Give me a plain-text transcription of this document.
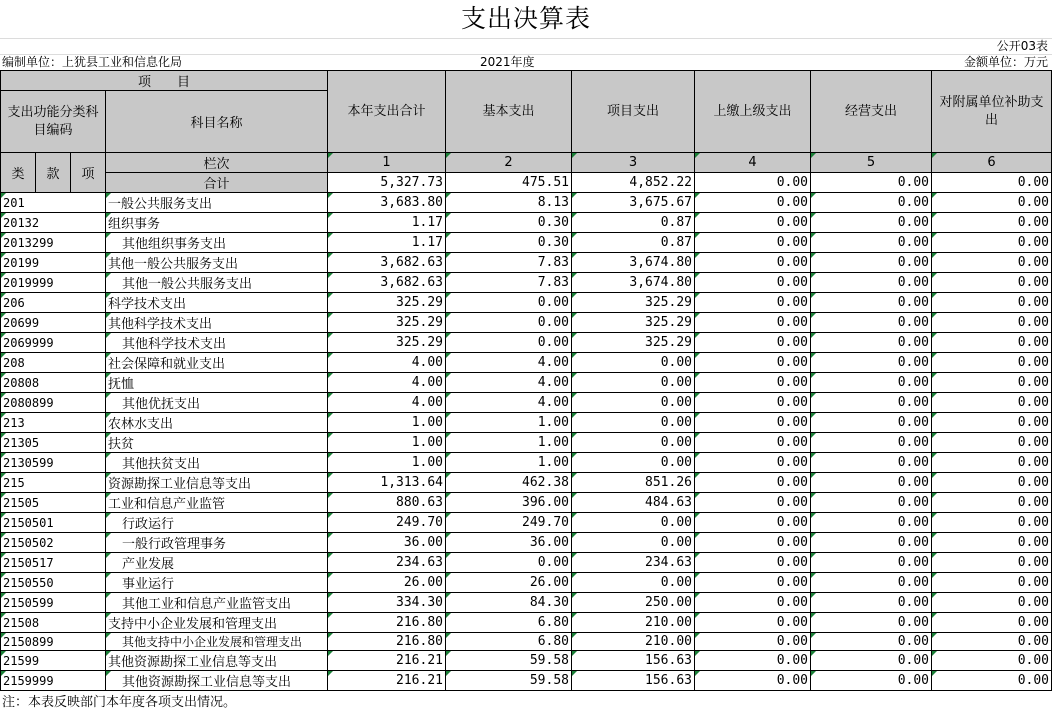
支出决算表
公开03表
编制单位：上犹县工业和信息化局	2021年度	金额单位：万元
项　　目				本年支出合计	基本支出	项目支出	上缴上级支出	经营支出	对附属单位补助支出
支出功能分类科目编码			科目名称						

类	款	项	栏次	1	2	3	4	5	6
			合计	5,327.73	475.51	4,852.22	0.00	0.00	0.00
201			一般公共服务支出	3,683.80	8.13	3,675.67	0.00	0.00	0.00
20132			组织事务	1.17	0.30	0.87	0.00	0.00	0.00
2013299			其他组织事务支出	1.17	0.30	0.87	0.00	0.00	0.00
20199			其他一般公共服务支出	3,682.63	7.83	3,674.80	0.00	0.00	0.00
2019999			其他一般公共服务支出	3,682.63	7.83	3,674.80	0.00	0.00	0.00
206			科学技术支出	325.29	0.00	325.29	0.00	0.00	0.00
20699			其他科学技术支出	325.29	0.00	325.29	0.00	0.00	0.00
2069999			其他科学技术支出	325.29	0.00	325.29	0.00	0.00	0.00
208			社会保障和就业支出	4.00	4.00	0.00	0.00	0.00	0.00
20808			抚恤	4.00	4.00	0.00	0.00	0.00	0.00
2080899			其他优抚支出	4.00	4.00	0.00	0.00	0.00	0.00
213			农林水支出	1.00	1.00	0.00	0.00	0.00	0.00
21305			扶贫	1.00	1.00	0.00	0.00	0.00	0.00
2130599			其他扶贫支出	1.00	1.00	0.00	0.00	0.00	0.00
215			资源勘探工业信息等支出	1,313.64	462.38	851.26	0.00	0.00	0.00
21505			工业和信息产业监管	880.63	396.00	484.63	0.00	0.00	0.00
2150501			行政运行	249.70	249.70	0.00	0.00	0.00	0.00
2150502			一般行政管理事务	36.00	36.00	0.00	0.00	0.00	0.00
2150517			产业发展	234.63	0.00	234.63	0.00	0.00	0.00
2150550			事业运行	26.00	26.00	0.00	0.00	0.00	0.00
2150599			其他工业和信息产业监管支出	334.30	84.30	250.00	0.00	0.00	0.00
21508			支持中小企业发展和管理支出	216.80	6.80	210.00	0.00	0.00	0.00
2150899			其他支持中小企业发展和管理支出	216.80	6.80	210.00	0.00	0.00	0.00
21599			其他资源勘探工业信息等支出	216.21	59.58	156.63	0.00	0.00	0.00
2159999			其他资源勘探工业信息等支出	216.21	59.58	156.63	0.00	0.00	0.00
注：本表反映部门本年度各项支出情况。
